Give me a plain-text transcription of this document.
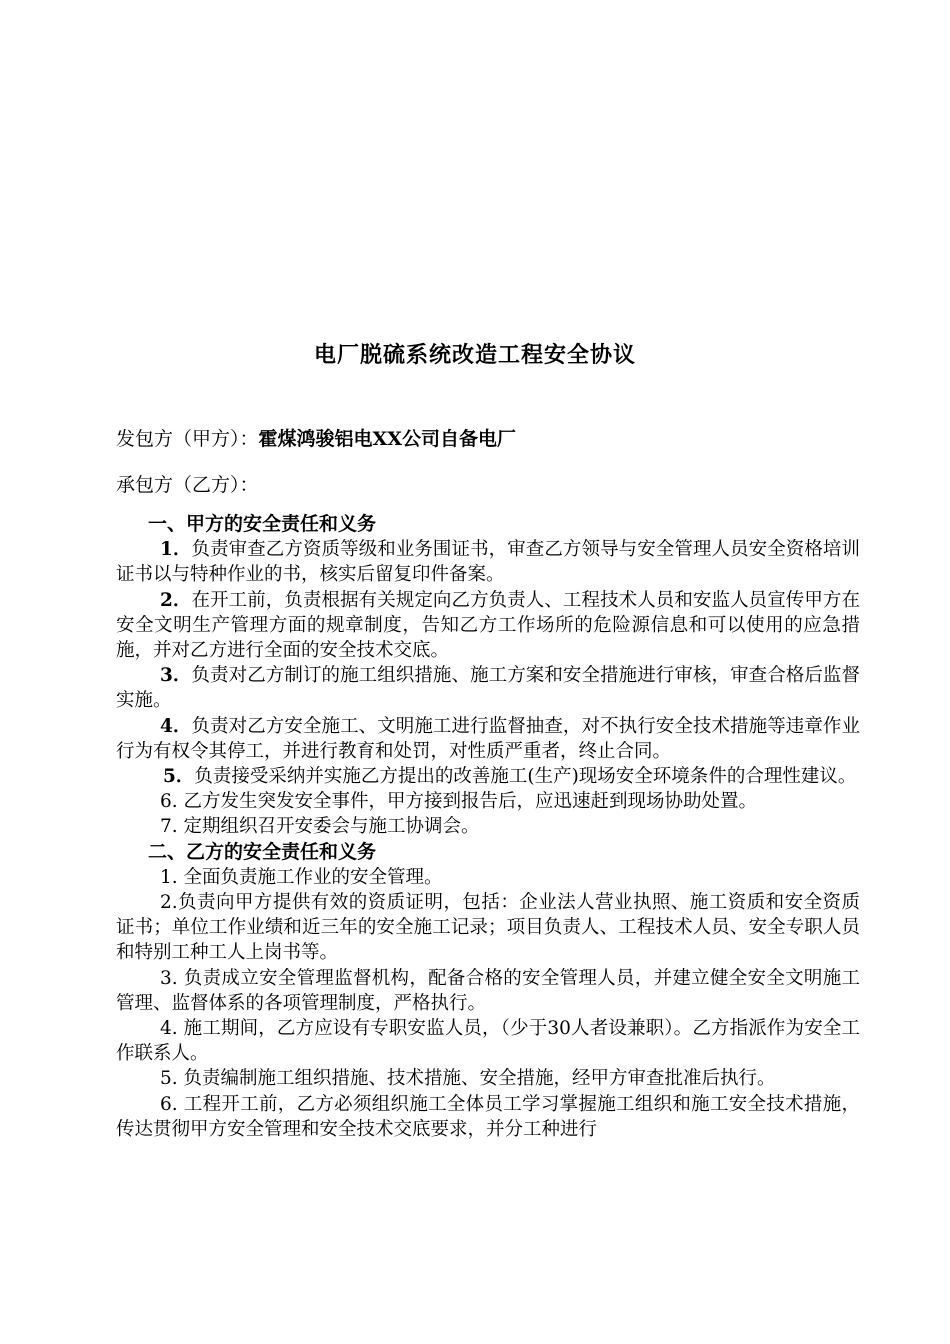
电厂脱硫系统改造工程安全协议

发包方（甲方）：霍煤鸿骏铝电XX公司自备电厂

承包方（乙方）：

一、甲方的安全责任和义务

1．负责审查乙方资质等级和业务围证书，审查乙方领导与安全管理人员安全资格培训证书以与特种作业的书，核实后留复印件备案。

2．在开工前，负责根据有关规定向乙方负责人、工程技术人员和安监人员宣传甲方在安全文明生产管理方面的规章制度，告知乙方工作场所的危险源信息和可以使用的应急措施，并对乙方进行全面的安全技术交底。

3．负责对乙方制订的施工组织措施、施工方案和安全措施进行审核，审查合格后监督实施。

4．负责对乙方安全施工、文明施工进行监督抽查，对不执行安全技术措施等违章作业行为有权令其停工，并进行教育和处罚，对性质严重者，终止合同。

5．负责接受采纳并实施乙方提出的改善施工(生产)现场安全环境条件的合理性建议。

6. 乙方发生突发安全事件，甲方接到报告后，应迅速赶到现场协助处置。

7. 定期组织召开安委会与施工协调会。

二、乙方的安全责任和义务

1. 全面负责施工作业的安全管理。

2.负责向甲方提供有效的资质证明，包括：企业法人营业执照、施工资质和安全资质证书；单位工作业绩和近三年的安全施工记录；项目负责人、工程技术人员、安全专职人员和特别工种工人上岗书等。

3. 负责成立安全管理监督机构，配备合格的安全管理人员，并建立健全安全文明施工管理、监督体系的各项管理制度，严格执行。

4. 施工期间，乙方应设有专职安监人员，（少于30人者设兼职）。乙方指派作为安全工作联系人。

5. 负责编制施工组织措施、技术措施、安全措施，经甲方审查批准后执行。

6. 工程开工前，乙方必须组织施工全体员工学习掌握施工组织和施工安全技术措施，传达贯彻甲方安全管理和安全技术交底要求，并分工种进行
